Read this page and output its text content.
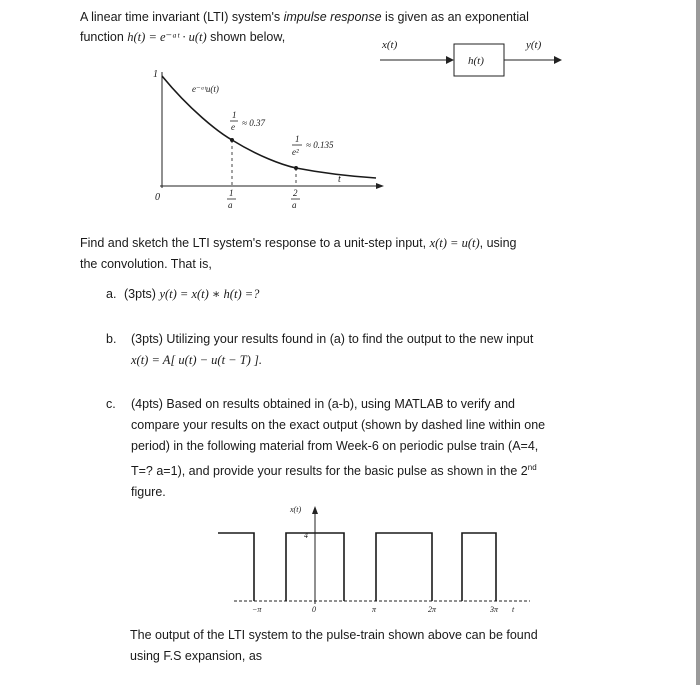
A linear time invariant (LTI) system's impulse response is given as an exponential
function h(t) = e⁻ᵃᵗ · u(t) shown below,
x(t)
h(t)
y(t)
1
0
t
e⁻ᵃᵗu(t)
1
e ≈ 0.37
1
e²
≈ 0.135
1
a
2
a
Find and sketch the LTI system's response to a unit-step input, x(t) = u(t), using
the convolution. That is,
a. (3pts) y(t) = x(t) ∗ h(t) =?
b. (3pts) Utilizing your results found in (a) to find the output to the new input
x(t) = A[ u(t) − u(t − T) ].
c. (4pts) Based on results obtained in (a-b), using MATLAB to verify and
compare your results on the exact output (shown by dashed line within one
period) in the following material from Week-6 on periodic pulse train (A=4,
T=? a=1), and provide your results for the basic pulse as shown in the 2nd
figure.
x(t)
4
−π	0	π	2π	3π t
The output of the LTI system to the pulse-train shown above can be found
using F.S expansion, as
